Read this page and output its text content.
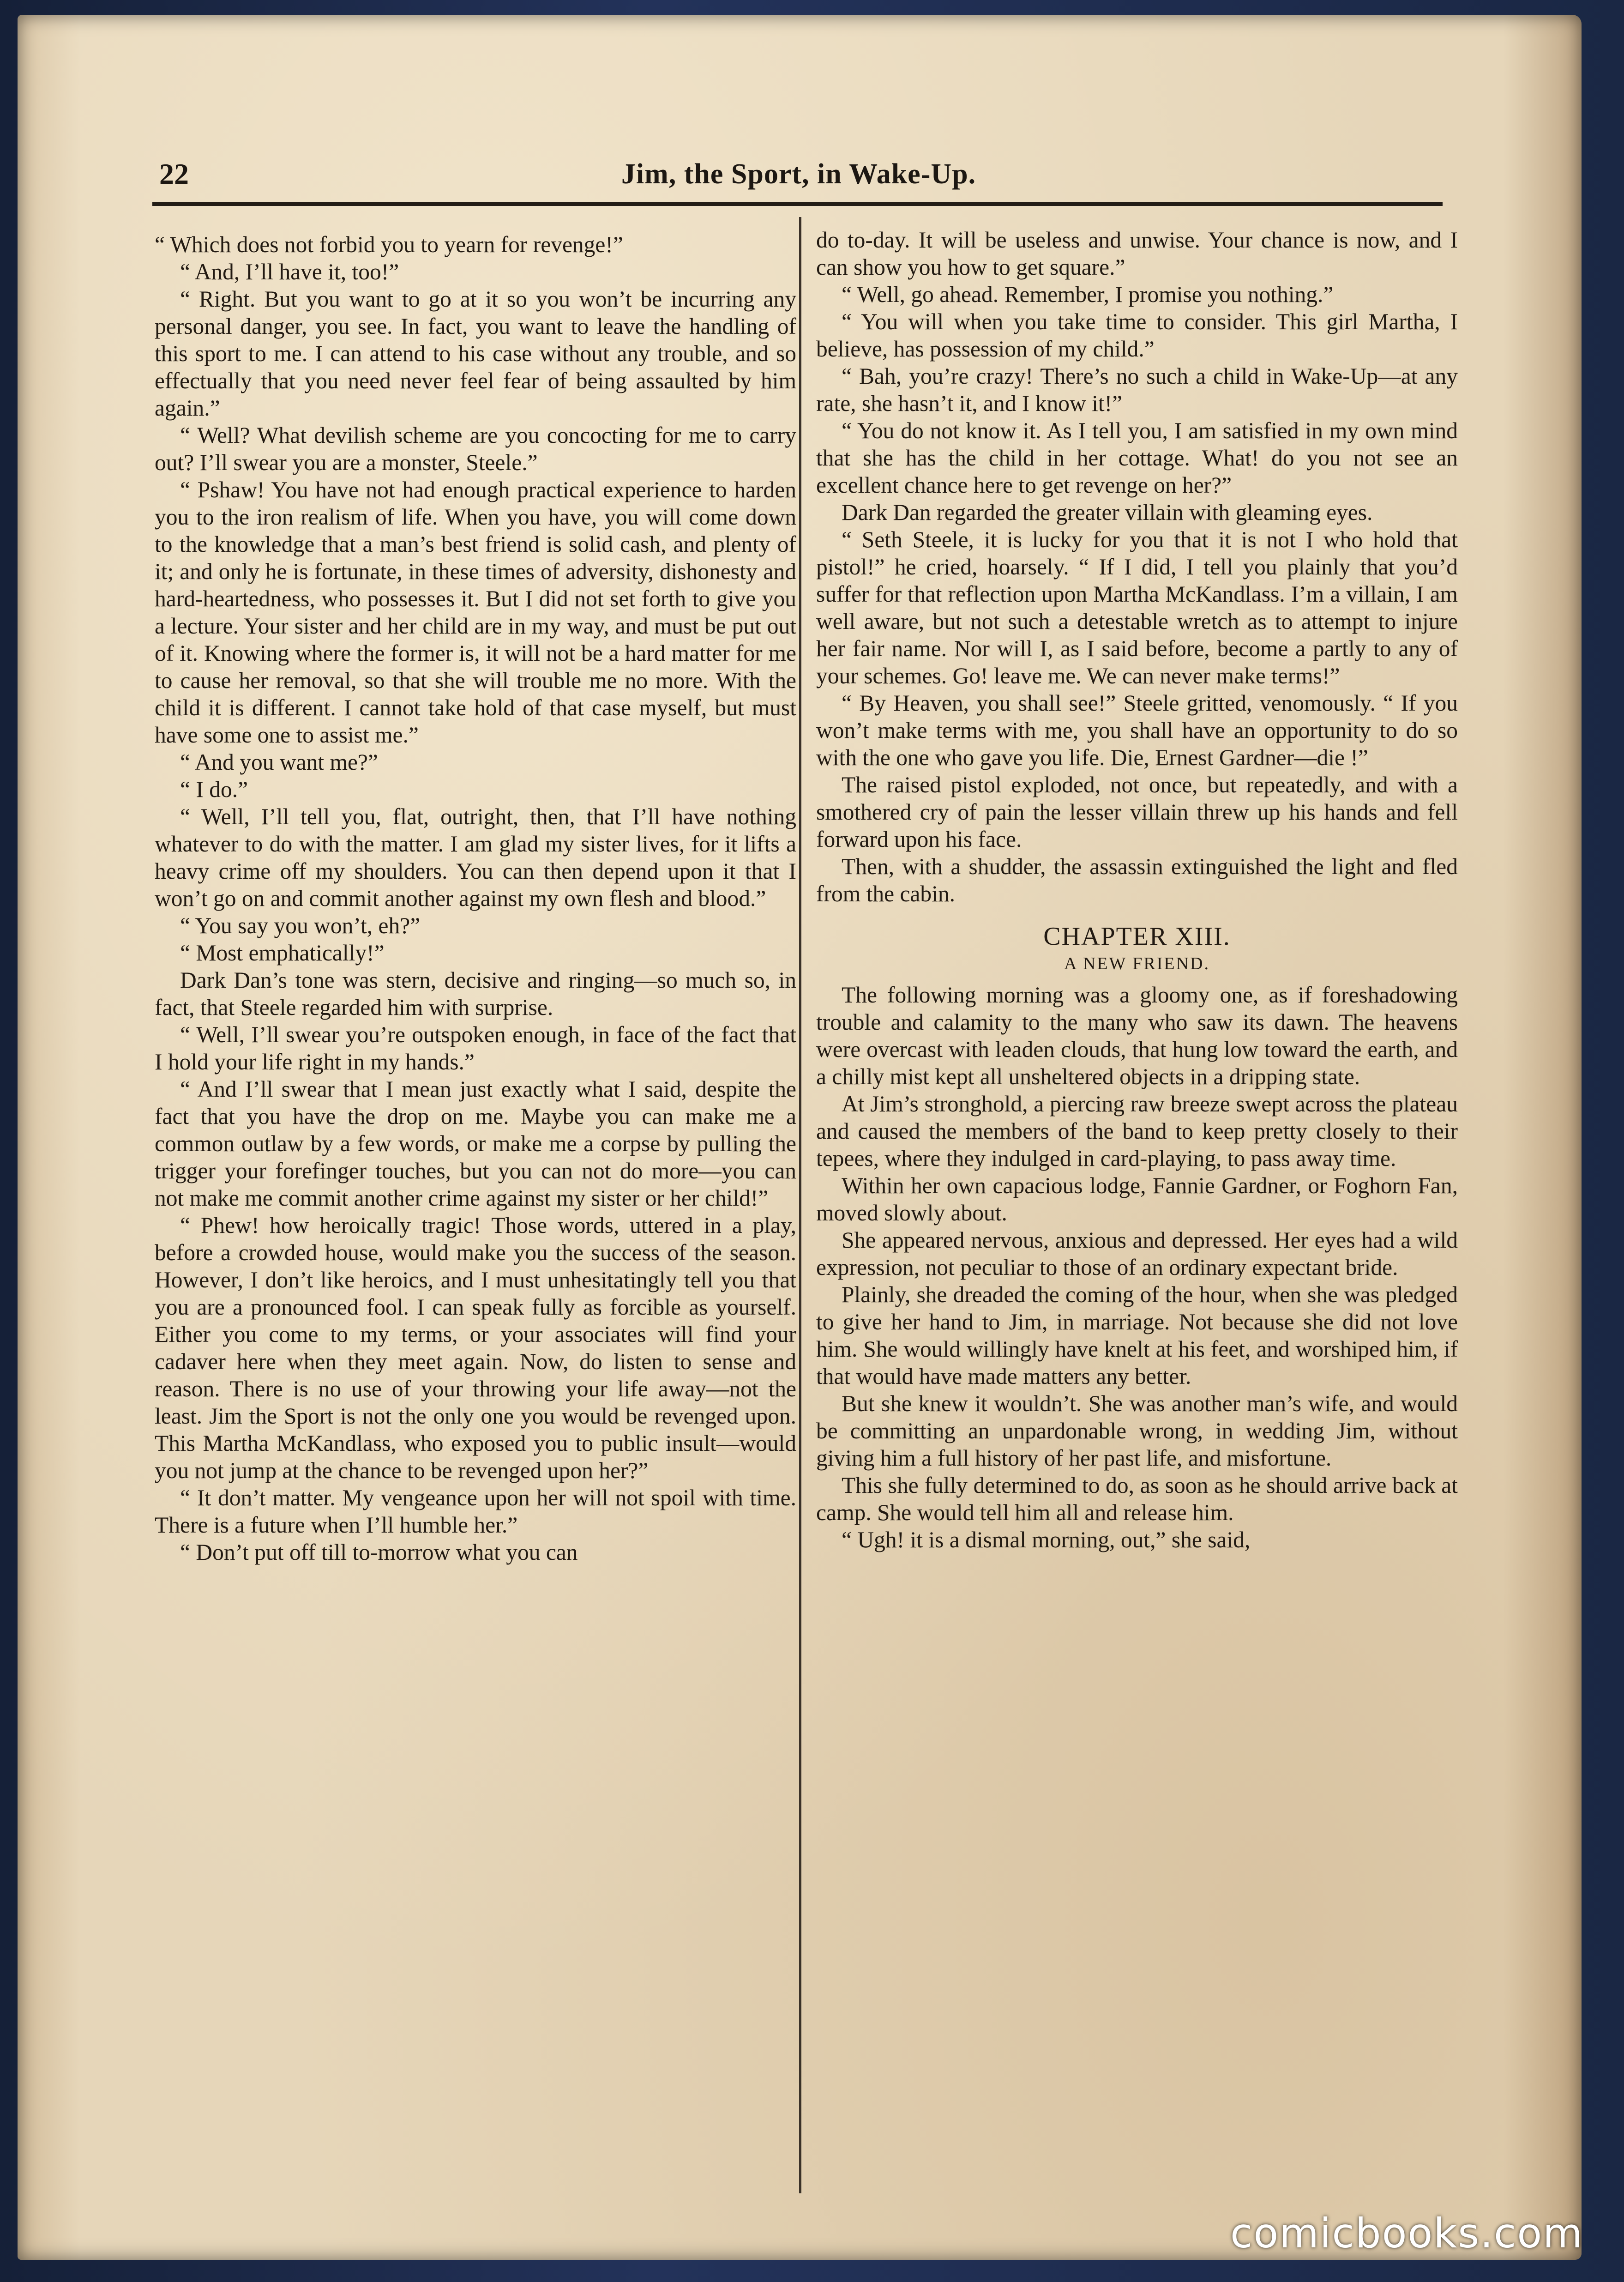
22	Jim, the Sport, in Wake-Up.

“ Which does not forbid you to yearn for revenge!”

“ And, I’ll have it, too!”

“ Right. But you want to go at it so you won’t be incurring any personal danger, you see. In fact, you want to leave the handling of this sport to me. I can attend to his case without any trouble, and so effectually that you need never feel fear of being assaulted by him again.”

“ Well? What devilish scheme are you concocting for me to carry out? I’ll swear you are a monster, Steele.”

“ Pshaw! You have not had enough practical experience to harden you to the iron realism of life. When you have, you will come down to the knowledge that a man’s best friend is solid cash, and plenty of it; and only he is fortunate, in these times of adversity, dishonesty and hard-heartedness, who possesses it. But I did not set forth to give you a lecture. Your sister and her child are in my way, and must be put out of it. Knowing where the former is, it will not be a hard matter for me to cause her removal, so that she will trouble me no more. With the child it is different. I cannot take hold of that case myself, but must have some one to assist me.”

“ And you want me?”

“ I do.”

“ Well, I’ll tell you, flat, outright, then, that I’ll have nothing whatever to do with the matter. I am glad my sister lives, for it lifts a heavy crime off my shoulders. You can then depend upon it that I won’t go on and commit another against my own flesh and blood.”

“ You say you won’t, eh?”

“ Most emphatically!”

Dark Dan’s tone was stern, decisive and ringing—so much so, in fact, that Steele regarded him with surprise.

“ Well, I’ll swear you’re outspoken enough, in face of the fact that I hold your life right in my hands.”

“ And I’ll swear that I mean just exactly what I said, despite the fact that you have the drop on me. Maybe you can make me a common outlaw by a few words, or make me a corpse by pulling the trigger your forefinger touches, but you can not do more—you can not make me commit another crime against my sister or her child!”

“ Phew! how heroically tragic! Those words, uttered in a play, before a crowded house, would make you the success of the season. However, I don’t like heroics, and I must unhesitatingly tell you that you are a pronounced fool. I can speak fully as forcible as yourself. Either you come to my terms, or your associates will find your cadaver here when they meet again. Now, do listen to sense and reason. There is no use of your throwing your life away—not the least. Jim the Sport is not the only one you would be revenged upon. This Martha McKandlass, who exposed you to public insult—would you not jump at the chance to be revenged upon her?”

“ It don’t matter. My vengeance upon her will not spoil with time. There is a future when I’ll humble her.”

“ Don’t put off till to-morrow what you can

do to-day. It will be useless and unwise. Your chance is now, and I can show you how to get square.”

“ Well, go ahead. Remember, I promise you nothing.”

“ You will when you take time to consider. This girl Martha, I believe, has possession of my child.”

“ Bah, you’re crazy! There’s no such a child in Wake-Up—at any rate, she hasn’t it, and I know it!”

“ You do not know it. As I tell you, I am satisfied in my own mind that she has the child in her cottage. What! do you not see an excellent chance here to get revenge on her?”

Dark Dan regarded the greater villain with gleaming eyes.

“ Seth Steele, it is lucky for you that it is not I who hold that pistol!” he cried, hoarsely. “ If I did, I tell you plainly that you’d suffer for that reflection upon Martha McKandlass. I’m a villain, I am well aware, but not such a detestable wretch as to attempt to injure her fair name. Nor will I, as I said before, become a partly to any of your schemes. Go! leave me. We can never make terms!”

“ By Heaven, you shall see!” Steele gritted, venomously. “ If you won’t make terms with me, you shall have an opportunity to do so with the one who gave you life. Die, Ernest Gardner—die !”

The raised pistol exploded, not once, but repeatedly, and with a smothered cry of pain the lesser villain threw up his hands and fell forward upon his face.

Then, with a shudder, the assassin extinguished the light and fled from the cabin.

CHAPTER XIII.
A NEW FRIEND.

The following morning was a gloomy one, as if foreshadowing trouble and calamity to the many who saw its dawn. The heavens were overcast with leaden clouds, that hung low toward the earth, and a chilly mist kept all unsheltered objects in a dripping state.

At Jim’s stronghold, a piercing raw breeze swept across the plateau and caused the members of the band to keep pretty closely to their tepees, where they indulged in card-playing, to pass away time.

Within her own capacious lodge, Fannie Gardner, or Foghorn Fan, moved slowly about.

She appeared nervous, anxious and depressed. Her eyes had a wild expression, not peculiar to those of an ordinary expectant bride.

Plainly, she dreaded the coming of the hour, when she was pledged to give her hand to Jim, in marriage. Not because she did not love him. She would willingly have knelt at his feet, and worshiped him, if that would have made matters any better.

But she knew it wouldn’t. She was another man’s wife, and would be committing an unpardonable wrong, in wedding Jim, without giving him a full history of her past life, and misfortune.

This she fully determined to do, as soon as he should arrive back at camp. She would tell him all and release him.

“ Ugh! it is a dismal morning, out,” she said,

comicbooks.com
